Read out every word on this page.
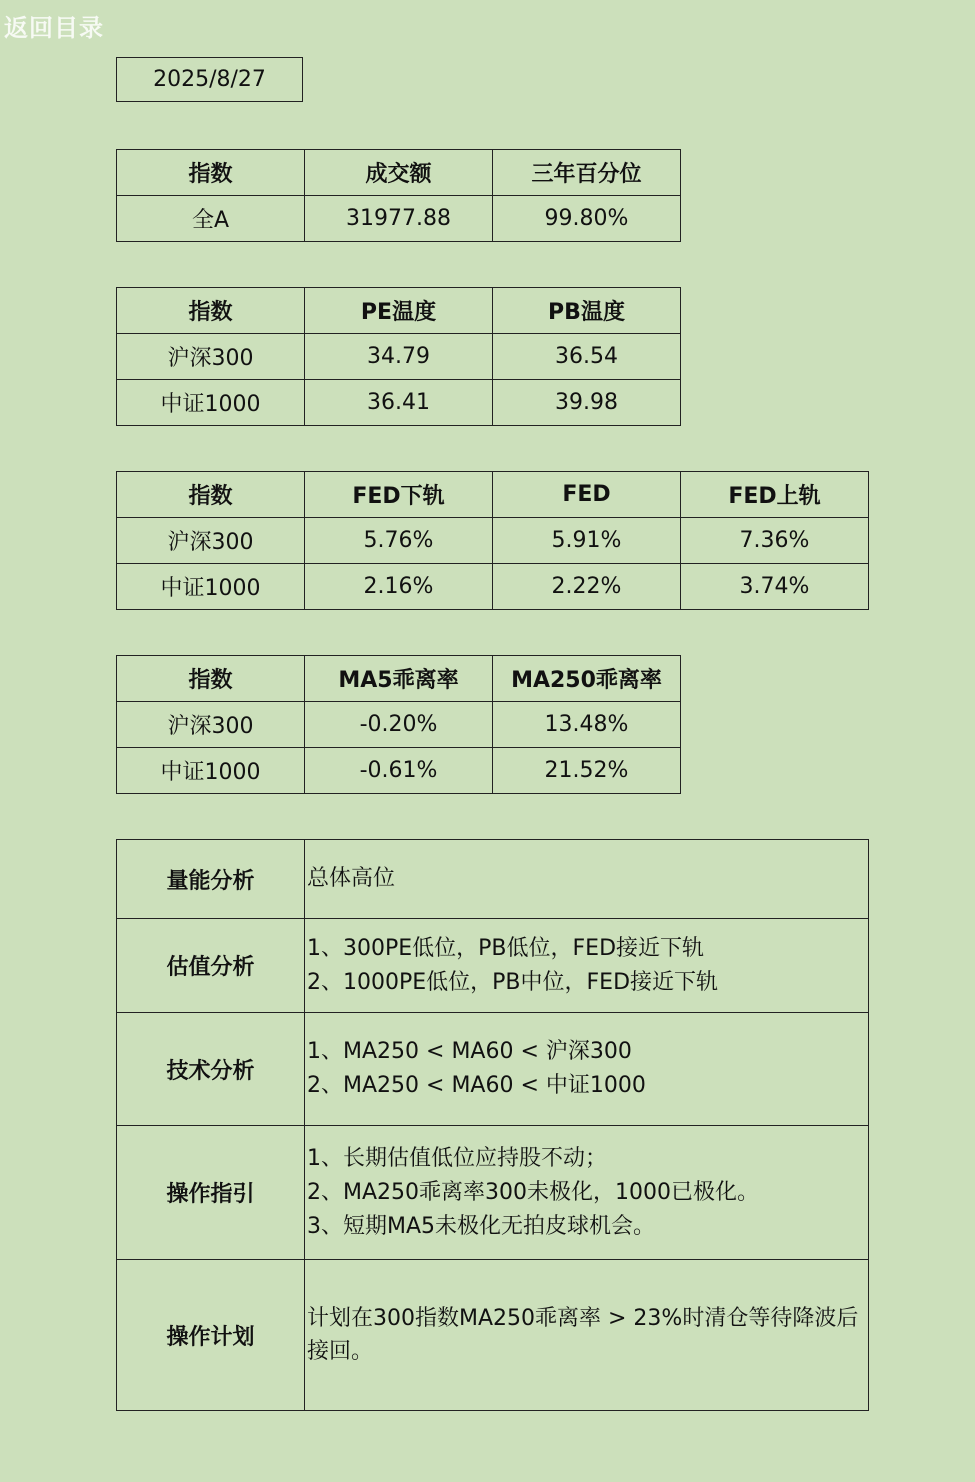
返回目录
2025/8/27
指数	成交额	三年百分位
全A	31977.88	99.80%
指数	PE温度	PB温度
沪深300	34.79	36.54
中证1000	36.41	39.98
指数	FED下轨	FED	FED上轨
沪深300	5.76%	5.91%	7.36%
中证1000	2.16%	2.22%	3.74%
指数	MA5乖离率	MA250乖离率
沪深300	-0.20%	13.48%
中证1000	-0.61%	21.52%
量能分析	总体高位

估值分析	1、300PE低位，PB低位，FED接近下轨
2、1000PE低位，PB中位，FED接近下轨

技术分析	1、MA250 < MA60 < 沪深300
2、MA250 < MA60 < 中证1000

操作指引	1、长期估值低位应持股不动；
2、MA250乖离率300未极化，1000已极化。
3、短期MA5未极化无拍皮球机会。

操作计划	计划在300指数MA250乖离率 > 23%时清仓等待降波后接回。
